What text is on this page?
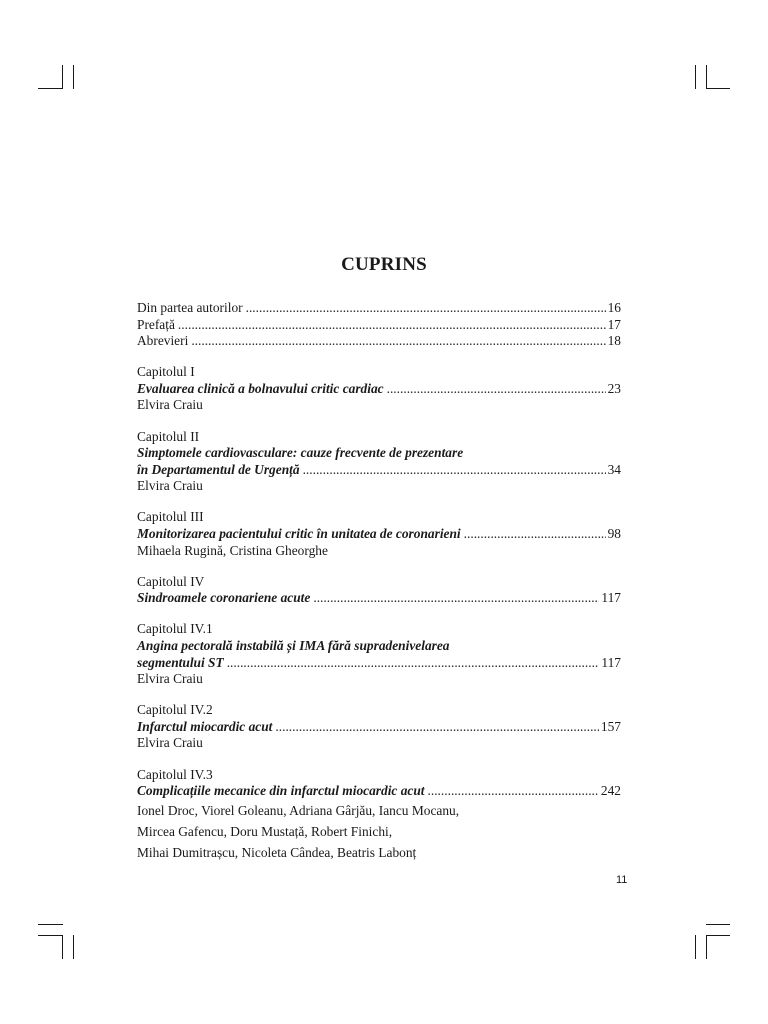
CUPRINS
Din partea autorilor .....	16
Prefață .....	17
Abrevieri .....	18
Capitolul I
Evaluarea clinică a bolnavului critic cardiac .....	23
Elvira Craiu
Capitolul II
Simptomele cardiovasculare: cauze frecvente de prezentare
în Departamentul de Urgență .....	34
Elvira Craiu
Capitolul III
Monitorizarea pacientului critic în unitatea de coronarieni .....	98
Mihaela Rugină, Cristina Gheorghe
Capitolul IV
Sindroamele coronariene acute .....	117
Capitolul IV.1
Angina pectorală instabilă și IMA fără supradenivelarea
segmentului ST .....	117
Elvira Craiu
Capitolul IV.2
Infarctul miocardic acut .....	157
Elvira Craiu
Capitolul IV.3
Complicațiile mecanice din infarctul miocardic acut .....	242
Ionel Droc, Viorel Goleanu, Adriana Gârjău, Iancu Mocanu,
Mircea Gafencu, Doru Mustață, Robert Finichi,
Mihai Dumitrașcu, Nicoleta Cândea, Beatris Labonț
11
